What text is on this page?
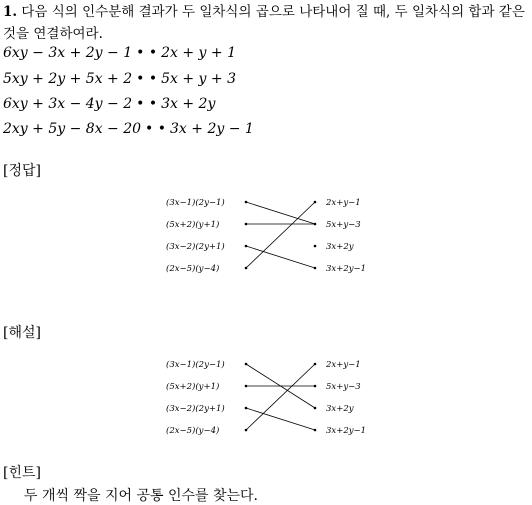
1. 다음 식의 인수분해 결과가 두 일차식의 곱으로 나타내어 질 때, 두 일차식의 합과 같은 것을 연결하여라.
6xy − 3x + 2y − 1 • • 2x + y + 1
5xy + 2y + 5x + 2 • • 5x + y + 3
6xy + 3x − 4y − 2 • • 3x + 2y
2xy + 5y − 8x − 20 • • 3x + 2y − 1
[정답]
(3x−1)(2y−1)
(5x+2)(y+1)
(3x−2)(2y+1)
(2x−5)(y−4)
2x+y−1
5x+y−3
3x+2y
3x+2y−1
[해설]
(3x−1)(2y−1)
(5x+2)(y+1)
(3x−2)(2y+1)
(2x−5)(y−4)
2x+y−1
5x+y−3
3x+2y
3x+2y−1
[힌트]
두 개씩 짝을 지어 공통 인수를 찾는다.
